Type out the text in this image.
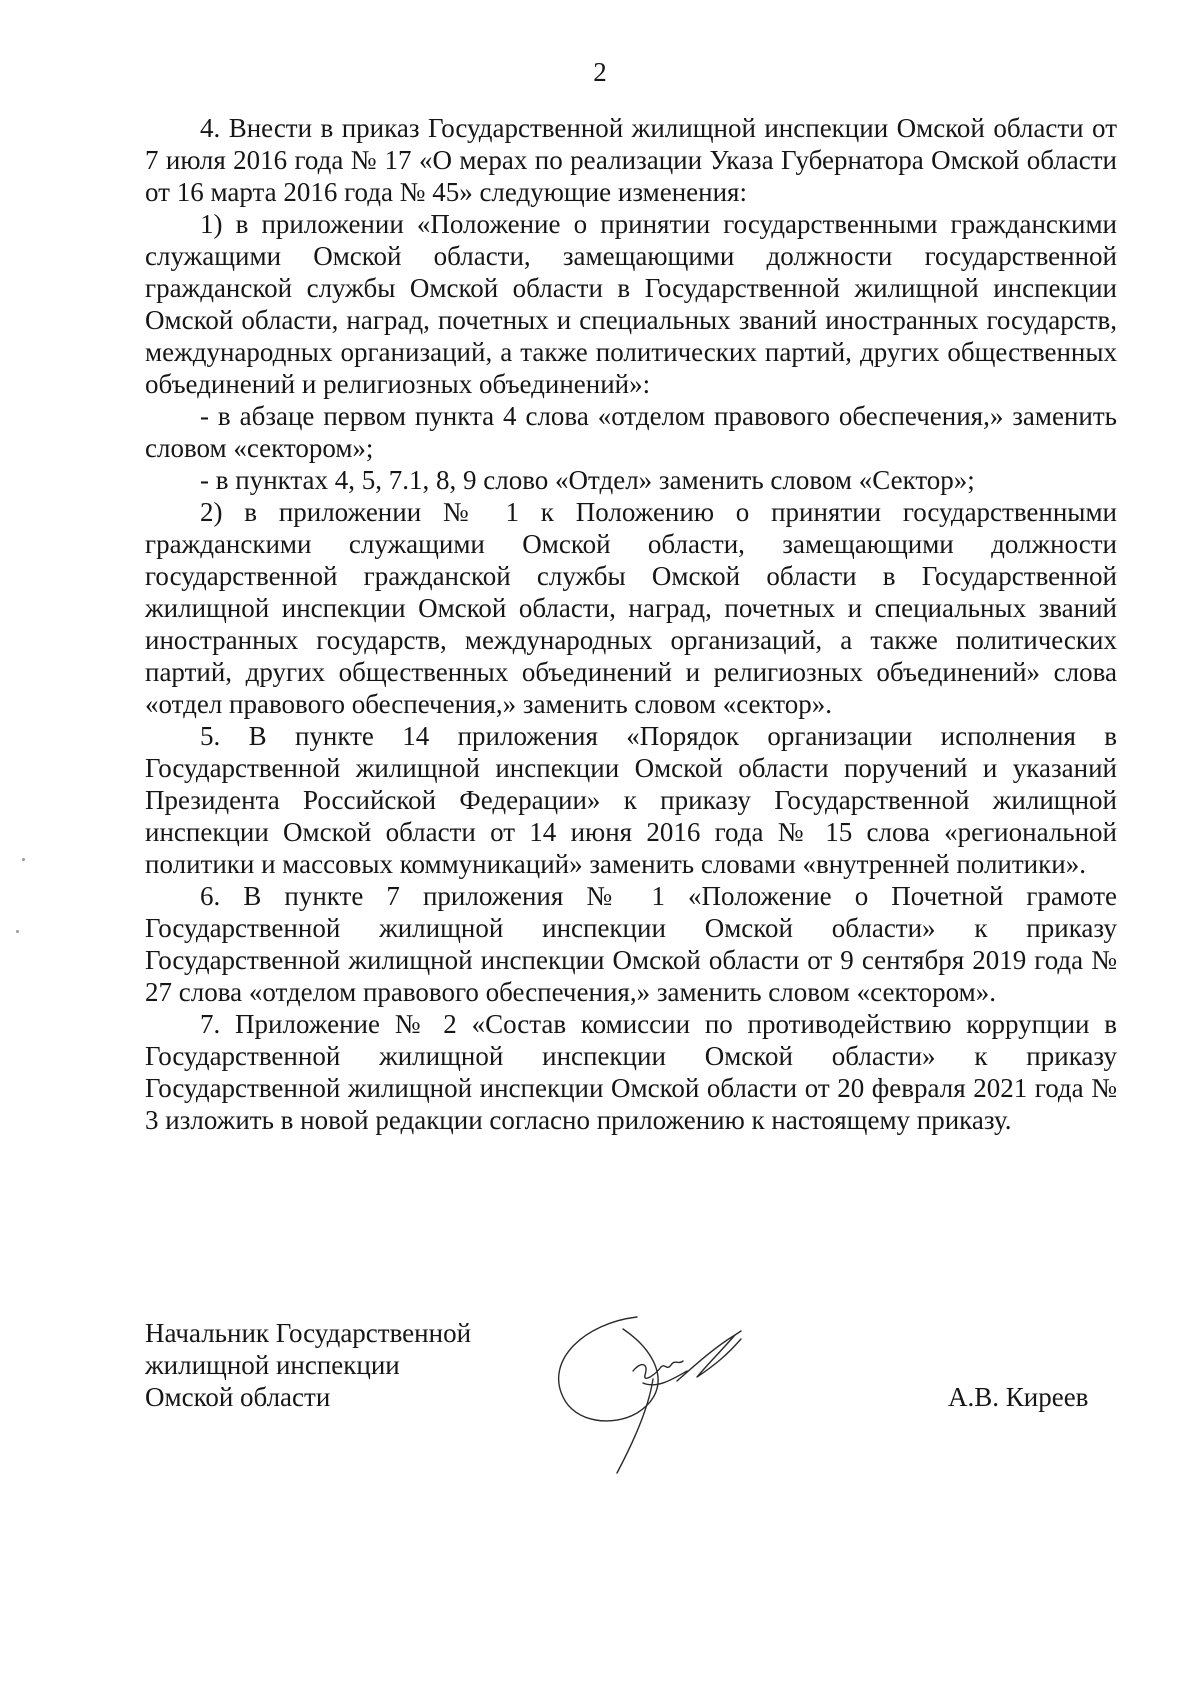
2

4. Внести в приказ Государственной жилищной инспекции Омской области от 7 июля 2016 года № 17 «О мерах по реализации Указа Губернатора Омской области от 16 марта 2016 года № 45» следующие изменения:

1) в приложении «Положение о принятии государственными гражданскими служащими Омской области, замещающими должности государственной гражданской службы Омской области в Государственной жилищной инспекции Омской области, наград, почетных и специальных званий иностранных государств, международных организаций, а также политических партий, других общественных объединений и религиозных объединений»:

- в абзаце первом пункта 4 слова «отделом правового обеспечения,» заменить словом «сектором»;

- в пунктах 4, 5, 7.1, 8, 9 слово «Отдел» заменить словом «Сектор»;

2) в приложении № 1 к Положению о принятии государственными гражданскими служащими Омской области, замещающими должности государственной гражданской службы Омской области в Государственной жилищной инспекции Омской области, наград, почетных и специальных званий иностранных государств, международных организаций, а также политических партий, других общественных объединений и религиозных объединений» слова «отдел правового обеспечения,» заменить словом «сектор».

5. В пункте 14 приложения «Порядок организации исполнения в Государственной жилищной инспекции Омской области поручений и указаний Президента Российской Федерации» к приказу Государственной жилищной инспекции Омской области от 14 июня 2016 года № 15 слова «региональной политики и массовых коммуникаций» заменить словами «внутренней политики».

6. В пункте 7 приложения № 1 «Положение о Почетной грамоте Государственной жилищной инспекции Омской области» к приказу Государственной жилищной инспекции Омской области от 9 сентября 2019 года № 27 слова «отделом правового обеспечения,» заменить словом «сектором».

7. Приложение № 2 «Состав комиссии по противодействию коррупции в Государственной жилищной инспекции Омской области» к приказу Государственной жилищной инспекции Омской области от 20 февраля 2021 года № 3 изложить в новой редакции согласно приложению к настоящему приказу.

Начальник Государственной
жилищной инспекции
Омской области	А.В. Киреев
